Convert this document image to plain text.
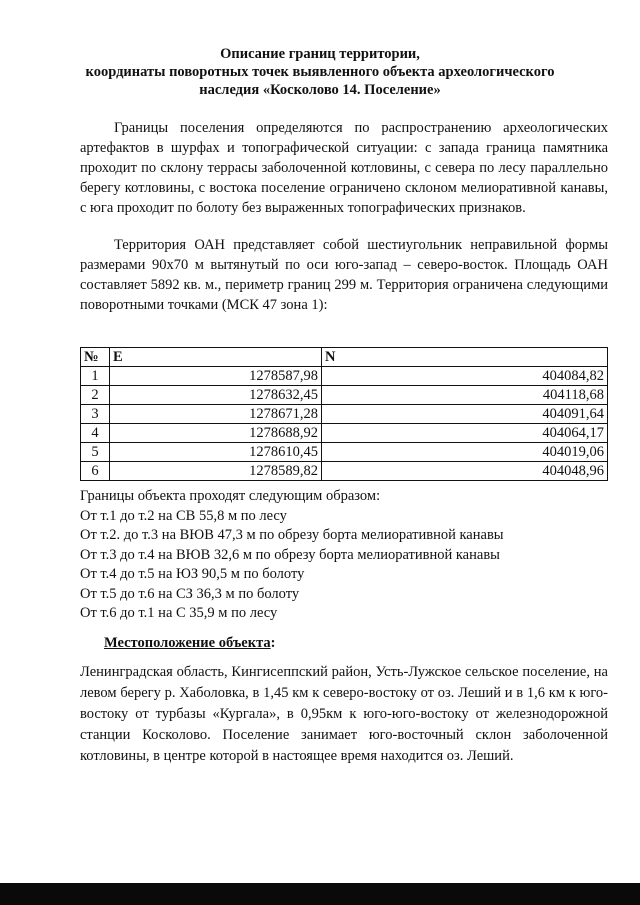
Описание границ территории,
координаты поворотных точек выявленного объекта археологического
наследия «Косколово 14. Поселение»
Границы поселения определяются по распространению археологических артефактов в шурфах и топографической ситуации: с запада граница памятника проходит по склону террасы заболоченной котловины, с севера по лесу параллельно берегу котловины, с востока поселение ограничено склоном мелиоративной канавы, с юга проходит по болоту без выраженных топографических признаков.
Территория ОАН представляет собой шестиугольник неправильной формы размерами 90х70 м вытянутый по оси юго-запад – северо-восток. Площадь ОАН составляет 5892 кв. м., периметр границ 299 м. Территория ограничена следующими поворотными точками (МСК 47 зона 1):
№	E	N
1	1278587,98	404084,82
2	1278632,45	404118,68
3	1278671,28	404091,64
4	1278688,92	404064,17
5	1278610,45	404019,06
6	1278589,82	404048,96
Границы объекта проходят следующим образом:
От т.1 до т.2 на СВ 55,8 м по лесу
От т.2. до т.3 на ВЮВ 47,3 м по обрезу борта мелиоративной канавы
От т.3 до т.4 на ВЮВ 32,6 м по обрезу борта мелиоративной канавы
От т.4 до т.5 на ЮЗ 90,5 м по болоту
От т.5 до т.6 на СЗ 36,3 м по болоту
От т.6 до т.1 на С 35,9 м по лесу
Местоположение объекта:
Ленинградская область, Кингисеппский район, Усть-Лужское сельское поселение, на левом берегу р. Хаболовка, в 1,45 км к северо-востоку от оз. Леший и в 1,6 км к юго-востоку от турбазы «Кургала», в 0,95км к юго-юго-востоку от железнодорожной станции Косколово. Поселение занимает юго-восточный склон заболоченной котловины, в центре которой в настоящее время находится оз. Леший.
